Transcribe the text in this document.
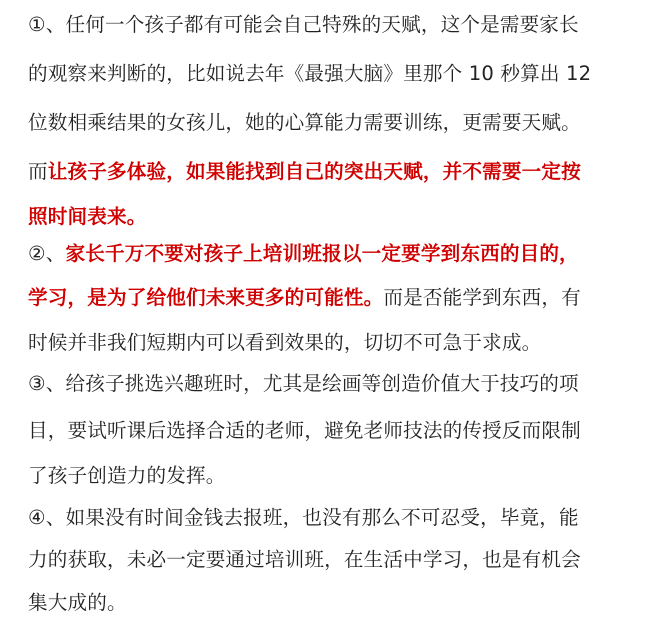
①、任何一个孩子都有可能会自己特殊的天赋，这个是需要家长
的观察来判断的，比如说去年《最强大脑》里那个 10 秒算出 12
位数相乘结果的女孩儿，她的心算能力需要训练，更需要天赋。
而让孩子多体验，如果能找到自己的突出天赋，并不需要一定按
照时间表来。
②、家长千万不要对孩子上培训班报以一定要学到东西的目的，
学习，是为了给他们未来更多的可能性。而是否能学到东西，有
时候并非我们短期内可以看到效果的，切切不可急于求成。
③、给孩子挑选兴趣班时，尤其是绘画等创造价值大于技巧的项
目，要试听课后选择合适的老师，避免老师技法的传授反而限制
了孩子创造力的发挥。
④、如果没有时间金钱去报班，也没有那么不可忍受，毕竟，能
力的获取，未必一定要通过培训班，在生活中学习，也是有机会
集大成的。
